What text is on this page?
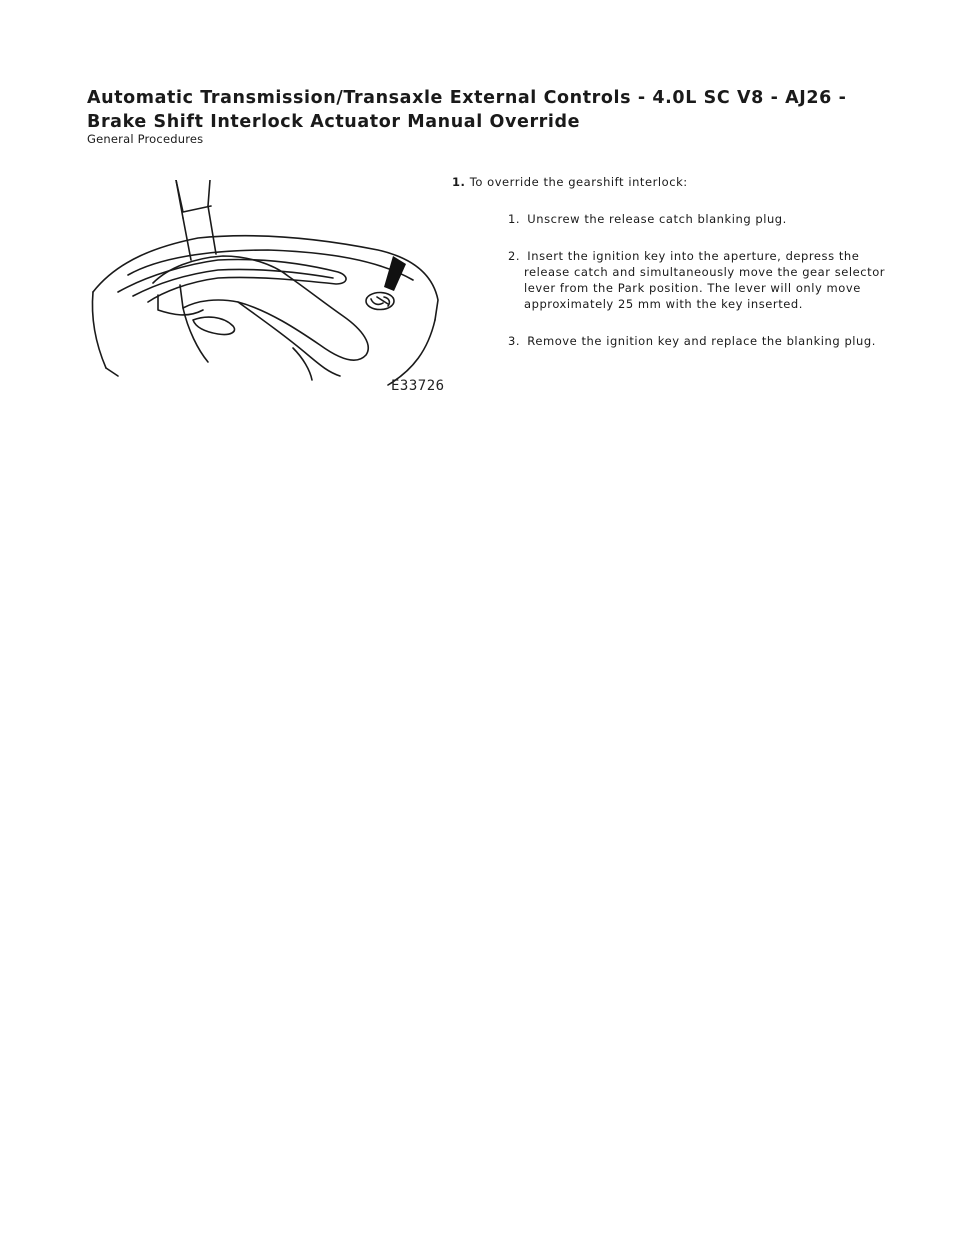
Automatic Transmission/Transaxle External Controls - 4.0L SC V8 - AJ26 -
Brake Shift Interlock Actuator Manual Override
General Procedures
E33726
1. To override the gearshift interlock:
1. Unscrew the release catch blanking plug.
2. Insert the ignition key into the aperture, depress the release catch and simultaneously move the gear selector lever from the Park position. The lever will only move approximately 25 mm with the key inserted.
3. Remove the ignition key and replace the blanking plug.
